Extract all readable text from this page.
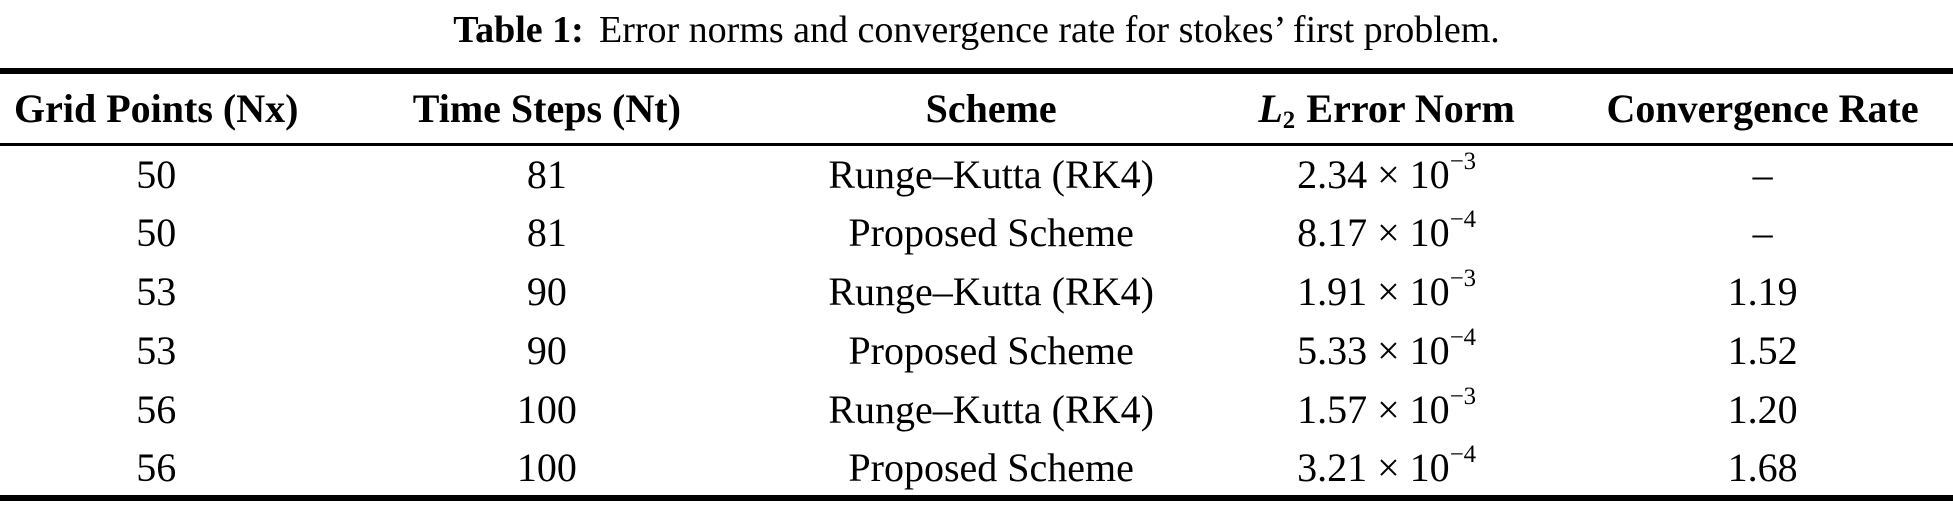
Table 1: Error norms and convergence rate for stokes’ first problem.
Grid Points (Nx)	Time Steps (Nt)	Scheme	$L_2$ Error Norm	Convergence Rate
50	81	Runge–Kutta (RK4)	$2.34 \times 10^{-3}$	–
50	81	Proposed Scheme	$8.17 \times 10^{-4}$	–
53	90	Runge–Kutta (RK4)	$1.91 \times 10^{-3}$	1.19
53	90	Proposed Scheme	$5.33 \times 10^{-4}$	1.52
56	100	Runge–Kutta (RK4)	$1.57 \times 10^{-3}$	1.20
56	100	Proposed Scheme	$3.21 \times 10^{-4}$	1.68
